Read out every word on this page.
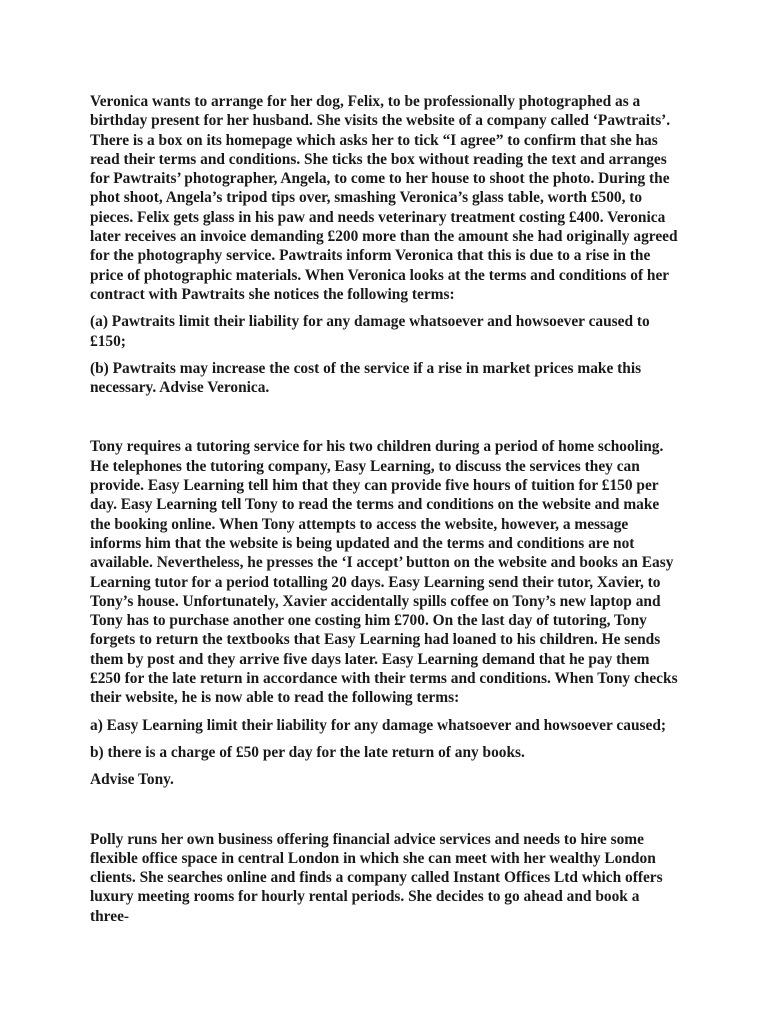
Veronica wants to arrange for her dog, Felix, to be professionally photographed as a birthday present for her husband. She visits the website of a company called ‘Pawtraits’. There is a box on its homepage which asks her to tick “I agree” to confirm that she has read their terms and conditions. She ticks the box without reading the text and arranges for Pawtraits’ photographer, Angela, to come to her house to shoot the photo. During the phot shoot, Angela’s tripod tips over, smashing Veronica’s glass table, worth £500, to pieces. Felix gets glass in his paw and needs veterinary treatment costing £400. Veronica later receives an invoice demanding £200 more than the amount she had originally agreed for the photography service. Pawtraits inform Veronica that this is due to a rise in the price of photographic materials. When Veronica looks at the terms and conditions of her contract with Pawtraits she notices the following terms:

(a) Pawtraits limit their liability for any damage whatsoever and howsoever caused to £150;

(b) Pawtraits may increase the cost of the service if a rise in market prices make this necessary. Advise Veronica.

Tony requires a tutoring service for his two children during a period of home schooling. He telephones the tutoring company, Easy Learning, to discuss the services they can provide. Easy Learning tell him that they can provide five hours of tuition for £150 per day. Easy Learning tell Tony to read the terms and conditions on the website and make the booking online. When Tony attempts to access the website, however, a message informs him that the website is being updated and the terms and conditions are not available. Nevertheless, he presses the ‘I accept’ button on the website and books an Easy Learning tutor for a period totalling 20 days. Easy Learning send their tutor, Xavier, to Tony’s house. Unfortunately, Xavier accidentally spills coffee on Tony’s new laptop and Tony has to purchase another one costing him £700. On the last day of tutoring, Tony forgets to return the textbooks that Easy Learning had loaned to his children. He sends them by post and they arrive five days later. Easy Learning demand that he pay them £250 for the late return in accordance with their terms and conditions. When Tony checks their website, he is now able to read the following terms:

a) Easy Learning limit their liability for any damage whatsoever and howsoever caused;

b) there is a charge of £50 per day for the late return of any books.

Advise Tony.

Polly runs her own business offering financial advice services and needs to hire some flexible office space in central London in which she can meet with her wealthy London clients. She searches online and finds a company called Instant Offices Ltd which offers luxury meeting rooms for hourly rental periods. She decides to go ahead and book a three-
